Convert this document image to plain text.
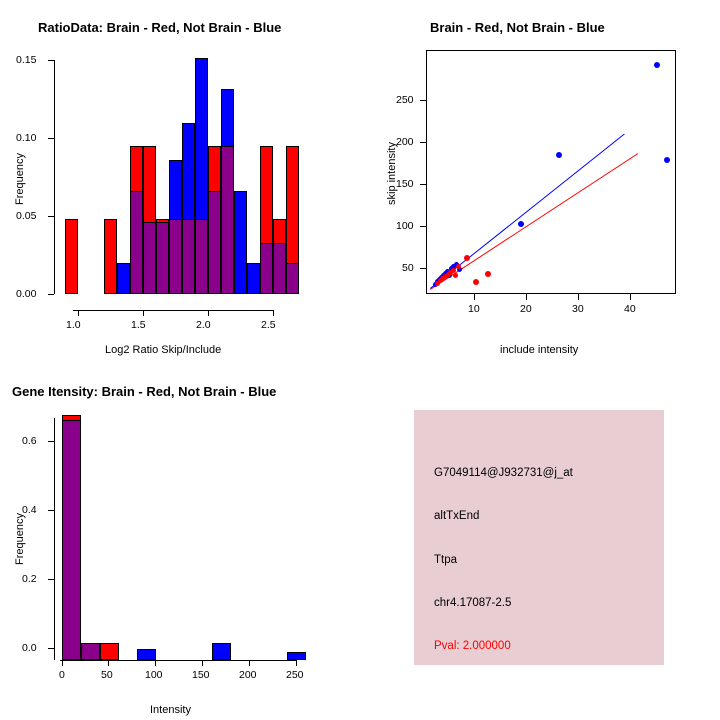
RatioData: Brain - Red, Not Brain - Blue
0.00
0.05
0.10
0.15
1.0	1.5	2.0	2.5
Log2 Ratio Skip/Include
Frequency
Brain - Red, Not Brain - Blue
50
100
150
200
250
10	20	30	40
include intensity
skip intensity
Gene Itensity: Brain - Red, Not Brain - Blue
0.0
0.2
0.4
0.6
0	50	100	150	200	250
Intensity
Frequency
G7049114@J932731@j_at
altTxEnd
Ttpa
chr4.17087-2.5
Pval: 2.000000
